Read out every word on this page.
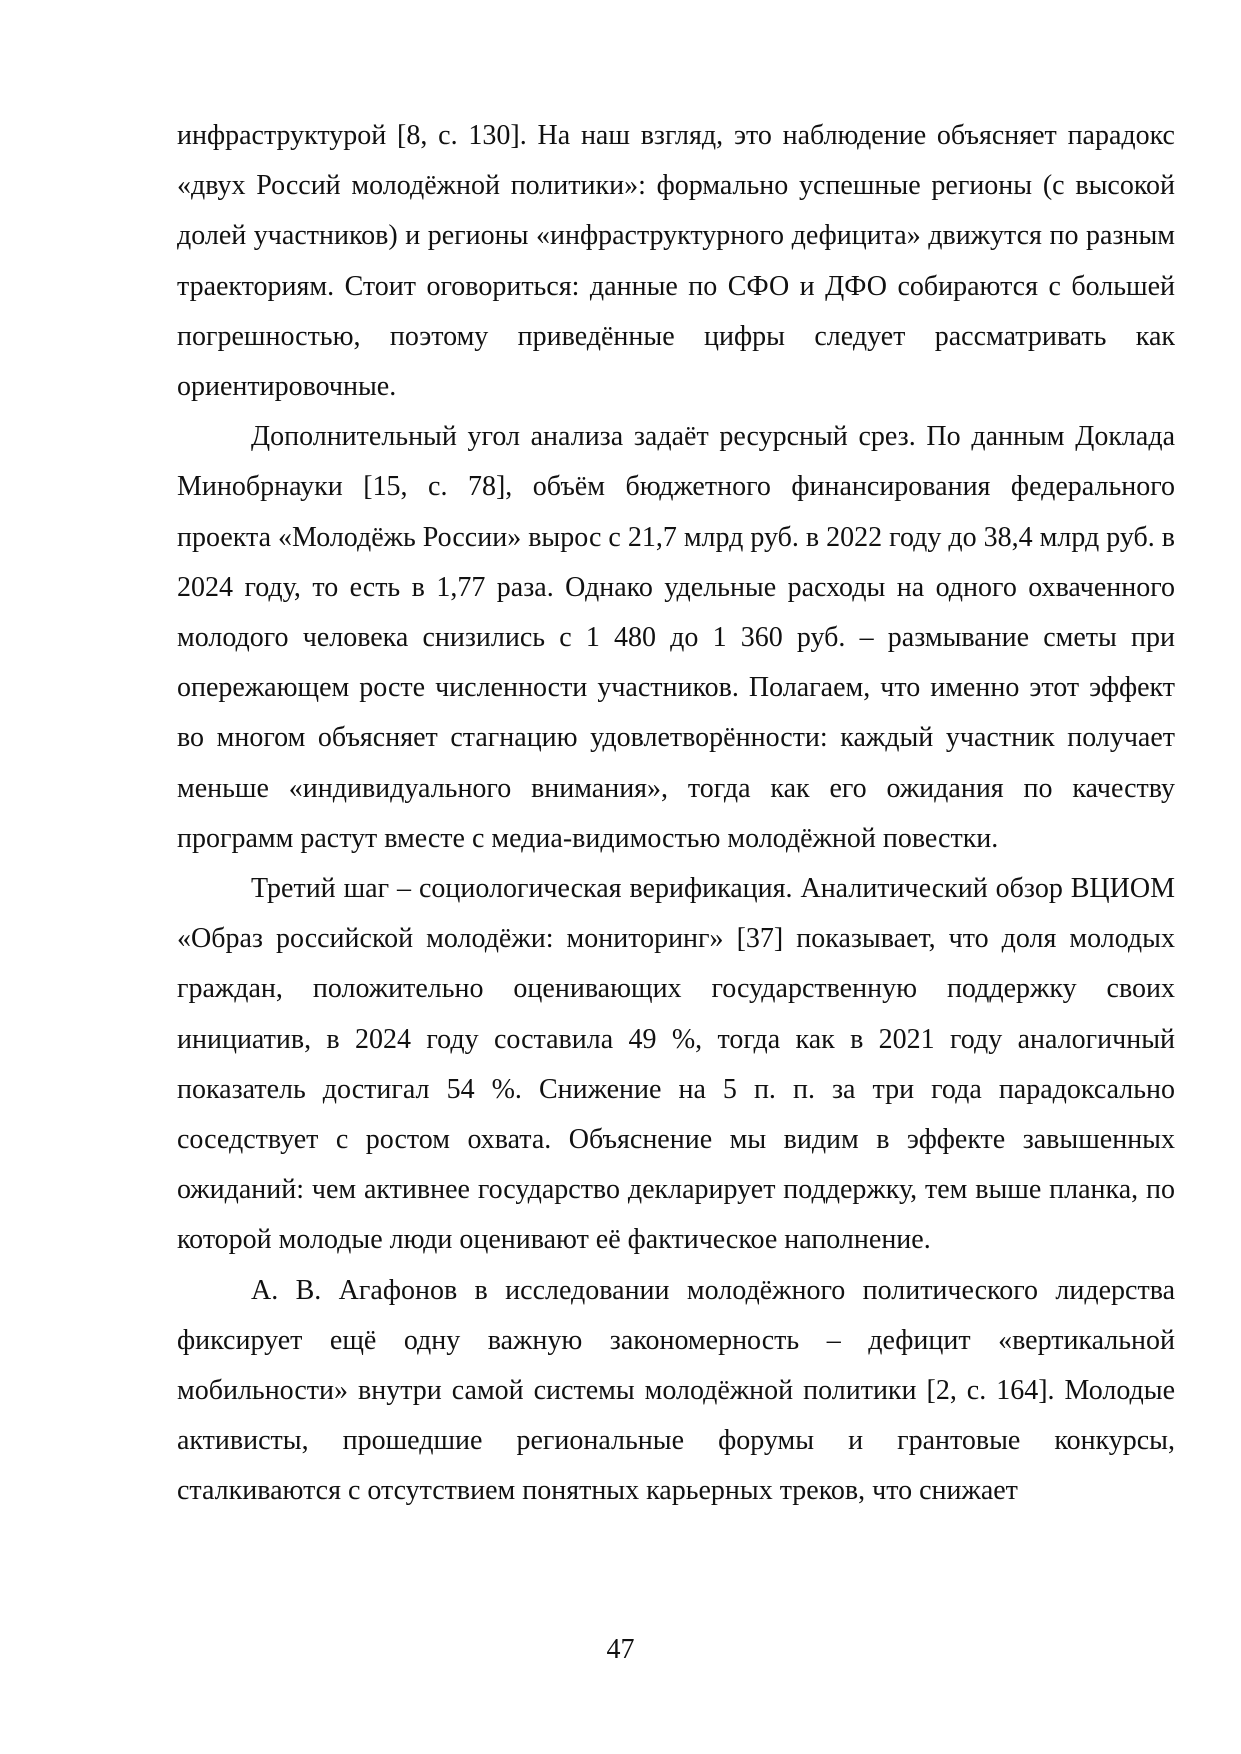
инфраструктурой [8, с. 130]. На наш взгляд, это наблюдение объясняет парадокс «двух Россий молодёжной политики»: формально успешные регионы (с высокой долей участников) и регионы «инфраструктурного дефицита» движутся по разным траекториям. Стоит оговориться: данные по СФО и ДФО собираются с большей погрешностью, поэтому приведённые цифры следует рассматривать как ориентировочные.

Дополнительный угол анализа задаёт ресурсный срез. По данным Доклада Минобрнауки [15, с. 78], объём бюджетного финансирования федерального проекта «Молодёжь России» вырос с 21,7 млрд руб. в 2022 году до 38,4 млрд руб. в 2024 году, то есть в 1,77 раза. Однако удельные расходы на одного охваченного молодого человека снизились с 1 480 до 1 360 руб. – размывание сметы при опережающем росте численности участников. Полагаем, что именно этот эффект во многом объясняет стагнацию удовлетворённости: каждый участник получает меньше «индивидуального внимания», тогда как его ожидания по качеству программ растут вместе с медиа-видимостью молодёжной повестки.

Третий шаг – социологическая верификация. Аналитический обзор ВЦИОМ «Образ российской молодёжи: мониторинг» [37] показывает, что доля молодых граждан, положительно оценивающих государственную поддержку своих инициатив, в 2024 году составила 49 %, тогда как в 2021 году аналогичный показатель достигал 54 %. Снижение на 5 п. п. за три года парадоксально соседствует с ростом охвата. Объяснение мы видим в эффекте завышенных ожиданий: чем активнее государство декларирует поддержку, тем выше планка, по которой молодые люди оценивают её фактическое наполнение.

А. В. Агафонов в исследовании молодёжного политического лидерства фиксирует ещё одну важную закономерность – дефицит «вертикальной мобильности» внутри самой системы молодёжной политики [2, с. 164]. Молодые активисты, прошедшие региональные форумы и грантовые конкурсы, сталкиваются с отсутствием понятных карьерных треков, что снижает

47
